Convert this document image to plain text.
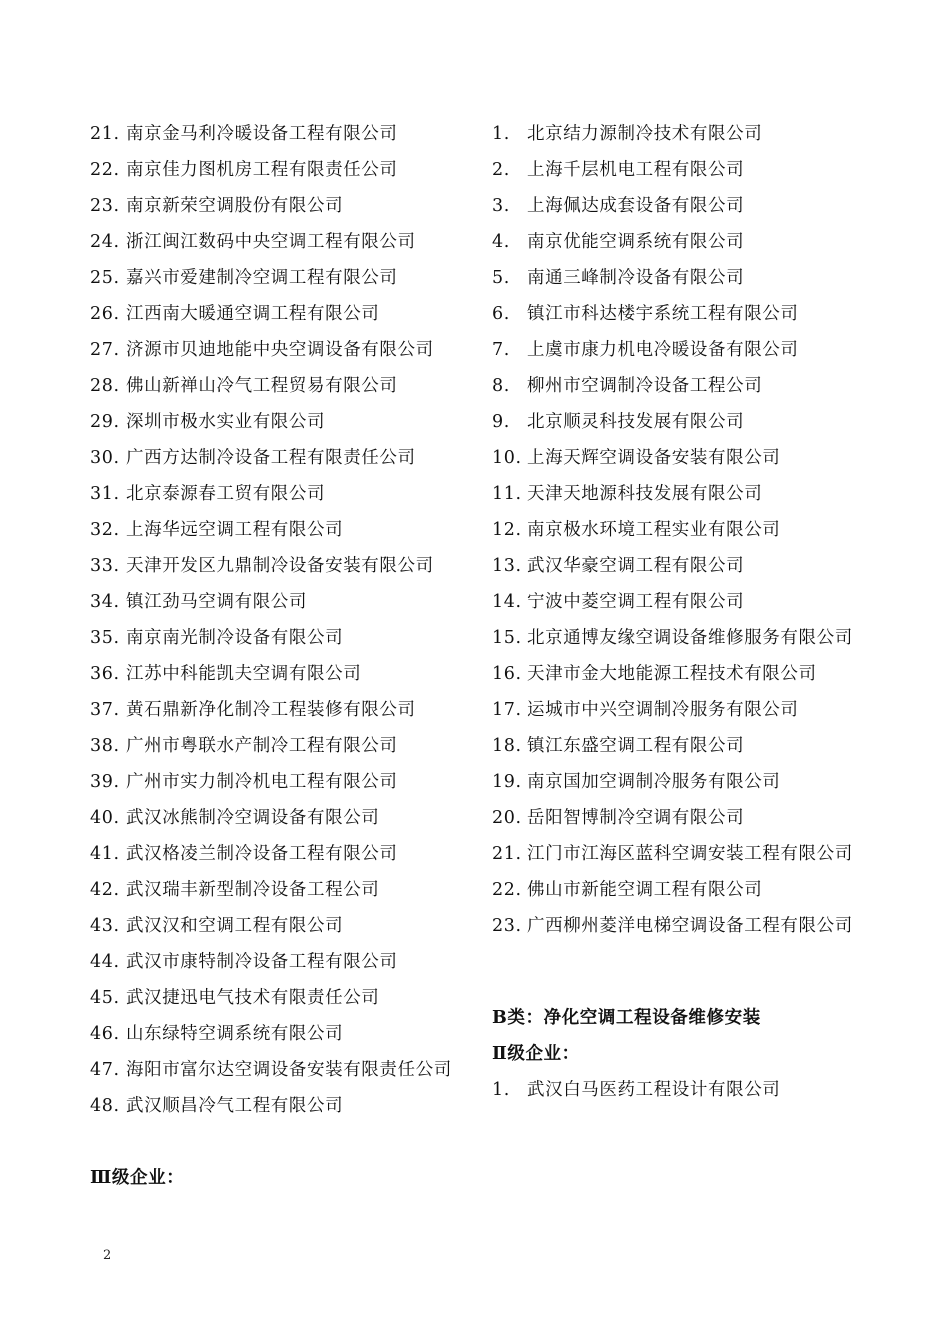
21. 南京金马利冷暖设备工程有限公司
22. 南京佳力图机房工程有限责任公司
23. 南京新荣空调股份有限公司
24. 浙江闽江数码中央空调工程有限公司
25. 嘉兴市爱建制冷空调工程有限公司
26. 江西南大暖通空调工程有限公司
27. 济源市贝迪地能中央空调设备有限公司
28. 佛山新禅山冷气工程贸易有限公司
29. 深圳市极水实业有限公司
30. 广西方达制冷设备工程有限责任公司
31. 北京泰源春工贸有限公司
32. 上海华远空调工程有限公司
33. 天津开发区九鼎制冷设备安装有限公司
34. 镇江劲马空调有限公司
35. 南京南光制冷设备有限公司
36. 江苏中科能凯夫空调有限公司
37. 黄石鼎新净化制冷工程装修有限公司
38. 广州市粤联水产制冷工程有限公司
39. 广州市实力制冷机电工程有限公司
40. 武汉冰熊制冷空调设备有限公司
41. 武汉格凌兰制冷设备工程有限公司
42. 武汉瑞丰新型制冷设备工程公司
43. 武汉汉和空调工程有限公司
44. 武汉市康特制冷设备工程有限公司
45. 武汉捷迅电气技术有限责任公司
46. 山东绿特空调系统有限公司
47. 海阳市富尔达空调设备安装有限责任公司
48. 武汉顺昌冷气工程有限公司
Ⅲ级企业：
1. 北京结力源制冷技术有限公司
2. 上海千层机电工程有限公司
3. 上海佩达成套设备有限公司
4. 南京优能空调系统有限公司
5. 南通三峰制冷设备有限公司
6. 镇江市科达楼宇系统工程有限公司
7. 上虞市康力机电冷暖设备有限公司
8. 柳州市空调制冷设备工程公司
9. 北京顺灵科技发展有限公司
10. 上海天辉空调设备安装有限公司
11. 天津天地源科技发展有限公司
12. 南京极水环境工程实业有限公司
13. 武汉华豪空调工程有限公司
14. 宁波中菱空调工程有限公司
15. 北京通博友缘空调设备维修服务有限公司
16. 天津市金大地能源工程技术有限公司
17. 运城市中兴空调制冷服务有限公司
18. 镇江东盛空调工程有限公司
19. 南京国加空调制冷服务有限公司
20. 岳阳智博制冷空调有限公司
21. 江门市江海区蓝科空调安装工程有限公司
22. 佛山市新能空调工程有限公司
23. 广西柳州菱洋电梯空调设备工程有限公司
B类：净化空调工程设备维修安装
Ⅱ级企业：
1. 武汉白马医药工程设计有限公司
2
